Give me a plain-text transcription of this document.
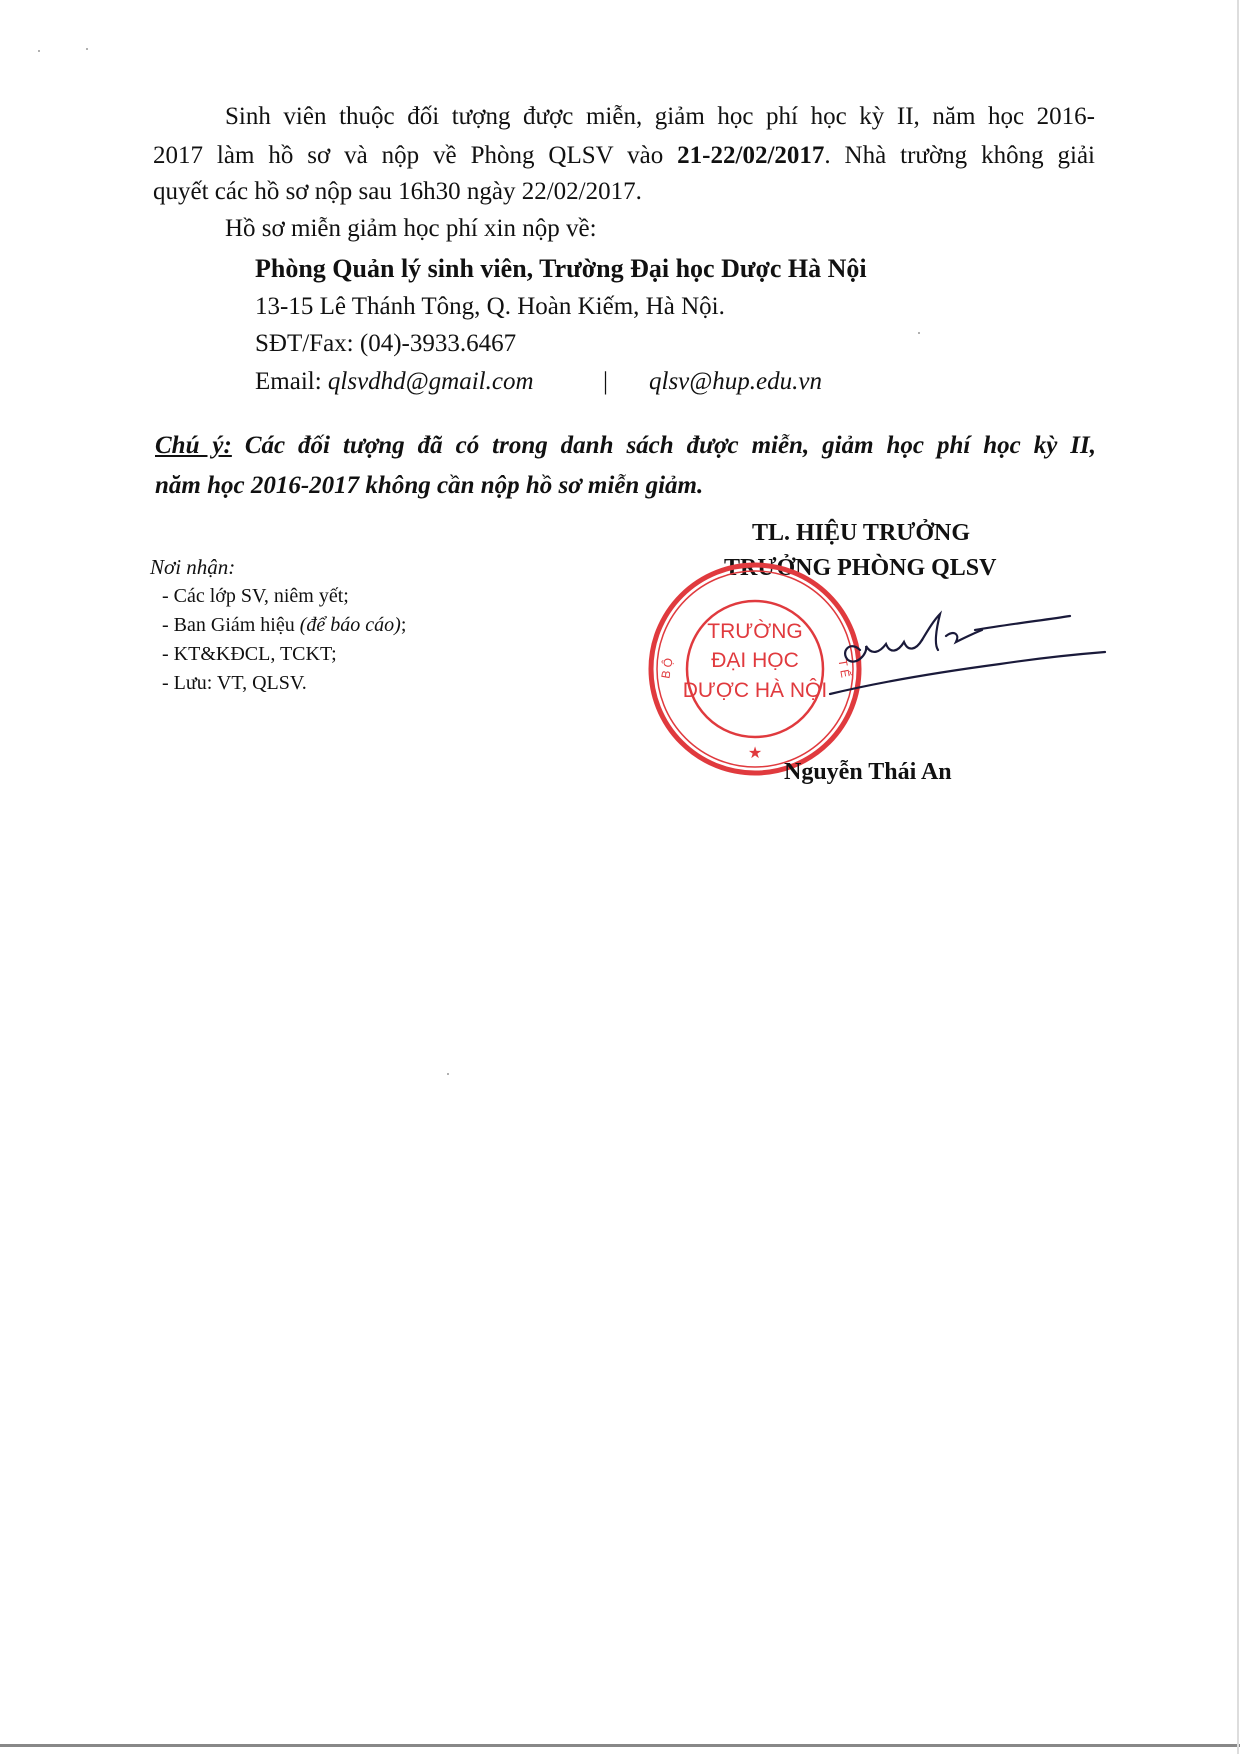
Sinh viên thuộc đối tượng được miễn, giảm học phí học kỳ II, năm học 2016-
2017 làm hồ sơ và nộp về Phòng QLSV vào 21-22/02/2017. Nhà trường không giải
quyết các hồ sơ nộp sau 16h30 ngày 22/02/2017.
Hồ sơ miễn giảm học phí xin nộp về:
Phòng Quản lý sinh viên, Trường Đại học Dược Hà Nội
13-15 Lê Thánh Tông, Q. Hoàn Kiếm, Hà Nội.
SĐT/Fax: (04)-3933.6467
Email: qlsvdhd@gmail.com	| qlsv@hup.edu.vn
Chú ý: Các đối tượng đã có trong danh sách được miễn, giảm học phí học kỳ II,
năm học 2016-2017 không cần nộp hồ sơ miễn giảm.
Nơi nhận:
- Các lớp SV, niêm yết;
- Ban Giám hiệu (để báo cáo);
- KT&KĐCL, TCKT;
- Lưu: VT, QLSV.
TL. HIỆU TRƯỞNG
TRƯỞNG PHÒNG QLSV
B Ộ	T Ế
TRƯỜNG
ĐẠI HỌC
DƯỢC HÀ NỘI
★
Nguyễn Thái An
